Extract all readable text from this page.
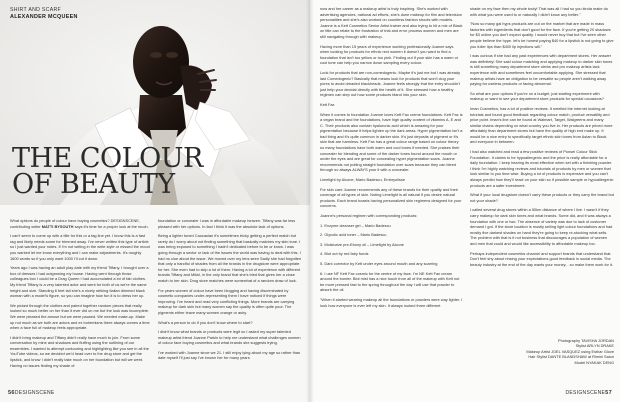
SHIRT AND SCARF
ALEXANDER MCQUEEN
THE COLOUR
OF BEAUTY

What options do people of colour have buying cosmetics? DESIGNSCENE, contributing writer MATTI BYSOUTH says it's time for a proper look at the much.

I can't seem to come up with a title for this or a tag line yet. I know this is a fast rag and likely needs some for trimmed away. I've never written this type of article so I just wanted your notes. If I'm not writing in the write style or missed the mood you wanted let me know everything and I can make adjustments. It's roughly 1600 words so if you only want 1000 I'll cut it down.

Years ago I was having an adult play date with my friend Tiffany. I brought over a box of dresses I had outgrowing my house. Having went through those colleagues box I could be a Drag Queen I had accumulated a lot of fab clothes. My friend Tiffany is a very talented actor and went for both of us we're the same height and size. Standing 6 feet tall she's a nicely striking Italian dimmed black woman with a model's figure, so you can imagine how fun it is to dress her up.

We picked through the clothes and paired together random pieces that really looked so much better on her than it ever did on me but the look was incomplete. We were pleased the amuse but we were paused. We needed make-up. Make up not much as we both are actors and ex bohemians there always comes a time when a face full of makeup feels appropriate.

I didn't bring makeup and Tiffany didn't really have much to join. From some conversation by mine and shadows and fluffing using the outlining of our ensembles. I wanted to attempt contouring and highlighting like you see in all the YouTube videos, so we decided we'd head over to the drug store and get the lipstick, and know I didn't really take much on her foundation but will we went. Having no issues finding my shade of

foundation or concealer I was in affordable makeup heaven. Tiffany was far less pleased with her options. In fact I think it was the absolute lack of options.

Being a lighter toned Caucasian it's sometimes tricky getting a perfect match but rarely do I worry about not finding something that basically matches my skin tone. I was being exposed to something I hadn't dedicated before to be or know. I was going through a sector or lack of the issues the world was having to deal with this. I had no clue about the issue. We moved over my lens seen Sadly she had forgotten that only a handful of shades from all the brands in the drugstore were appropriate for her. She even had to skip a lot of them. Having a lot of experience with different brands Tiffany and Mikki, in the only brand that she's tried that gives her a close match to her skin. Drug store matches were somewhat of a random draw of luck.

For years women of colour have been blogging and having discriminated by cosmetic companies under-representing them I have noticed if things were improving. I've heard and read very conflicting things. More brands are carrying makeup for dark skin but many women say the quality is often quite poor. The pigments either leave many women orange or ashy.

What's a person to do if you don't know where to start?

I didn't know what brands or products were legit so I asked my super talented makeup artist friend Joanne Parkin to help me understand what challenges women of colour face buying cosmetics and what brands she suggests trying.

I've worked with Joanne since we 21. I still enjoy lying about my age so rather than date myself I'll just say I've known her for many years

56DESIGNSCENE

now and her career as a makeup artist is truly inspiring. She's worked with advertising agencies, national ad efforts, she's done makeup for film and television personalities and she's also worked on countless fashion shoots with models. Joanne is a Kett Cosmetics Senior Artist trainer and also trying to hit a mix of Black on title can relate to the frustration of trial and error process women and men are still navigating through with makeup.

Having more than 15 years of experience working professionally Joanne says when looking for products for ethnic rect women it doesn't you want to find a foundation that isn't too yellow or too pink. Finding out if your skin has a warm or cool tone can help you narrow down sampling every colour.

Look for products that are non-comedogenic. Maybe it's just me but I was already last Comedogenic? Basically that means look for products that won't clog your pores to avoid dreaded blackheads. Joanne feels strongly that the entry shouldn't just help your decidal directly with the health of it. She stressed how a healthy regimen can step out how some products bland into your skin.

Kett Fax

When it comes to foundation Joanne loves Kett Fax creme foundations. Kett Fax is a vegan brand and the foundations, have high quality content of vitamins A, E and C. Their products also contain hyaluronic acid which is amazing for your pigmentation because it helps lighten up the dark areas. Hyper pigmentation isn't a bad thing and it's quite common in darker skin. It's just deposits of pigment or it's skin that are harmless. Kett Fax has a great colour range based on colour theory so many foundations have both warm and cool tones if needed. She praises their concealer for blending and some of the darker tones found around the mouth or under the eyes and are great for concealing hyper pigmentation scars. Joanne recommends not putting straight foundation over scars because they can bleed through so always ALWAYS your it with a concealer.

Limelight by Alcone, Mario Badescu, Embryolisse

For skin care Joanne recommends any of these brands for their quality and their coverage of all types of skin. Noting Limelight is all natural if you desire natural products. Each brand boasts having personalized skin regimens designed for your concerns.

Joanne's personal regimen with corresponding products:

1. Enzyme cleanser gel – Mario Badescu

2. Glycolic acid toner – Mario Badescu

3. Moisturize pre-Ebony oil – Limelight by Alcone

4. Blot out by red fairy funds

5. Dark corrector by Kett under eyes around mouth and any scarring

6. I use NF Kett Fax cosmic for the centre of my face. I'm NE Kett Fax cream around the border. Blot mist has a nice touch from all of the makeup with Kett not be more pressed fast to the spring throughout the day I will use that powder to absorb the oil.

"When it started wearing makeup all the foundations or powders were way lighter. I look how everyone is ever left my skin. It always looked three different

shade on my face then my whole body! That was all I had so you kinda make do with what you were used to or naturally I didn't know any better."

"Now so many gal hyps products are out on the market that are made in mass factories with ingredients that don't good for the face. If you're getting 20 shadows for $3 online you don't expect quality. I would never buy that but I've seen other people believe the hype. let's be honest paying $40 for a lipstick is not going to give you fuller lips than $400 lip injections will."

I was curious if she had any past experiences with department stores. Her answer was definitely! She said colour matching and applying makeup to darker skin tones is still something many department store clerks and pro makeup artists lack experience with and sometimes feel uncomfortable applying. She stressed that makeup artists have an obligation to be versatile so people aren't walking away paying for useless products or facing abnormal.

So what are your options if you're on a budget, just starting experiment with makeup or want to see your department store products for special occasions?

Iman Cosmetics, has a lot of positive reviews. It smelled the internet looking at tutorials and found good feedback regarding colour match, product versatility and price point. Iman's line can be found at Walmart, Target, Walgreens and many similar chains depending on what country you live in. Her products are priced more affordably than department stores but have the quality of high end make up. It would be a nice entry to specifically target ethnic skin tones from Asian to Black and everyone in between.

I had also watched and read a few positive reviews of Ponsei Colour Stick Foundation. It claims to be hypoallergenic and the price is really affordable for a daily foundation. I keep hearing its most effective when set with a finishing powder. I think I'm highly watching reviews and tutorials of products by men or women that look similar to you time wise. Buying a lot of products is expensive and you can't always predict how they'll react on your skin so if possible sample or hypoallergenic products are a safer investment.

What if your local drugstore doesn't carry these products or they carry the brand but not your shade?

I called several drug stores within a 50km distance of where I live. I wasn't if they carry makeup for dark skin tones and what brands. Some did, and it was always a foundation with one or two. The absence of variety was due to lack of customer demand I got. If the store location is mostly selling light colour foundations and had mostly five darkest shades on hand they're going to keep re-stocking what sells. The problem with that is it not business that discourages a population of women and men that could and would like accessibility to affordable makeup too.

Perhaps independent cosmetics channel and support brands that understand that. Don't feel shy about rinsing your expectations good feedback in social media. The beauty industry at the end of the day wants your money... so make them work for it.

Photography TAVISHA JORDAN
Stylist ARLYN DRAKE
Makeup Artist JOEL VASQUEZ using Esthar Glove
Hair Stylist DANTE BLANDSHAW at Rimini Salon
Model NYAKAK DENG
DESIGNSCENE57
